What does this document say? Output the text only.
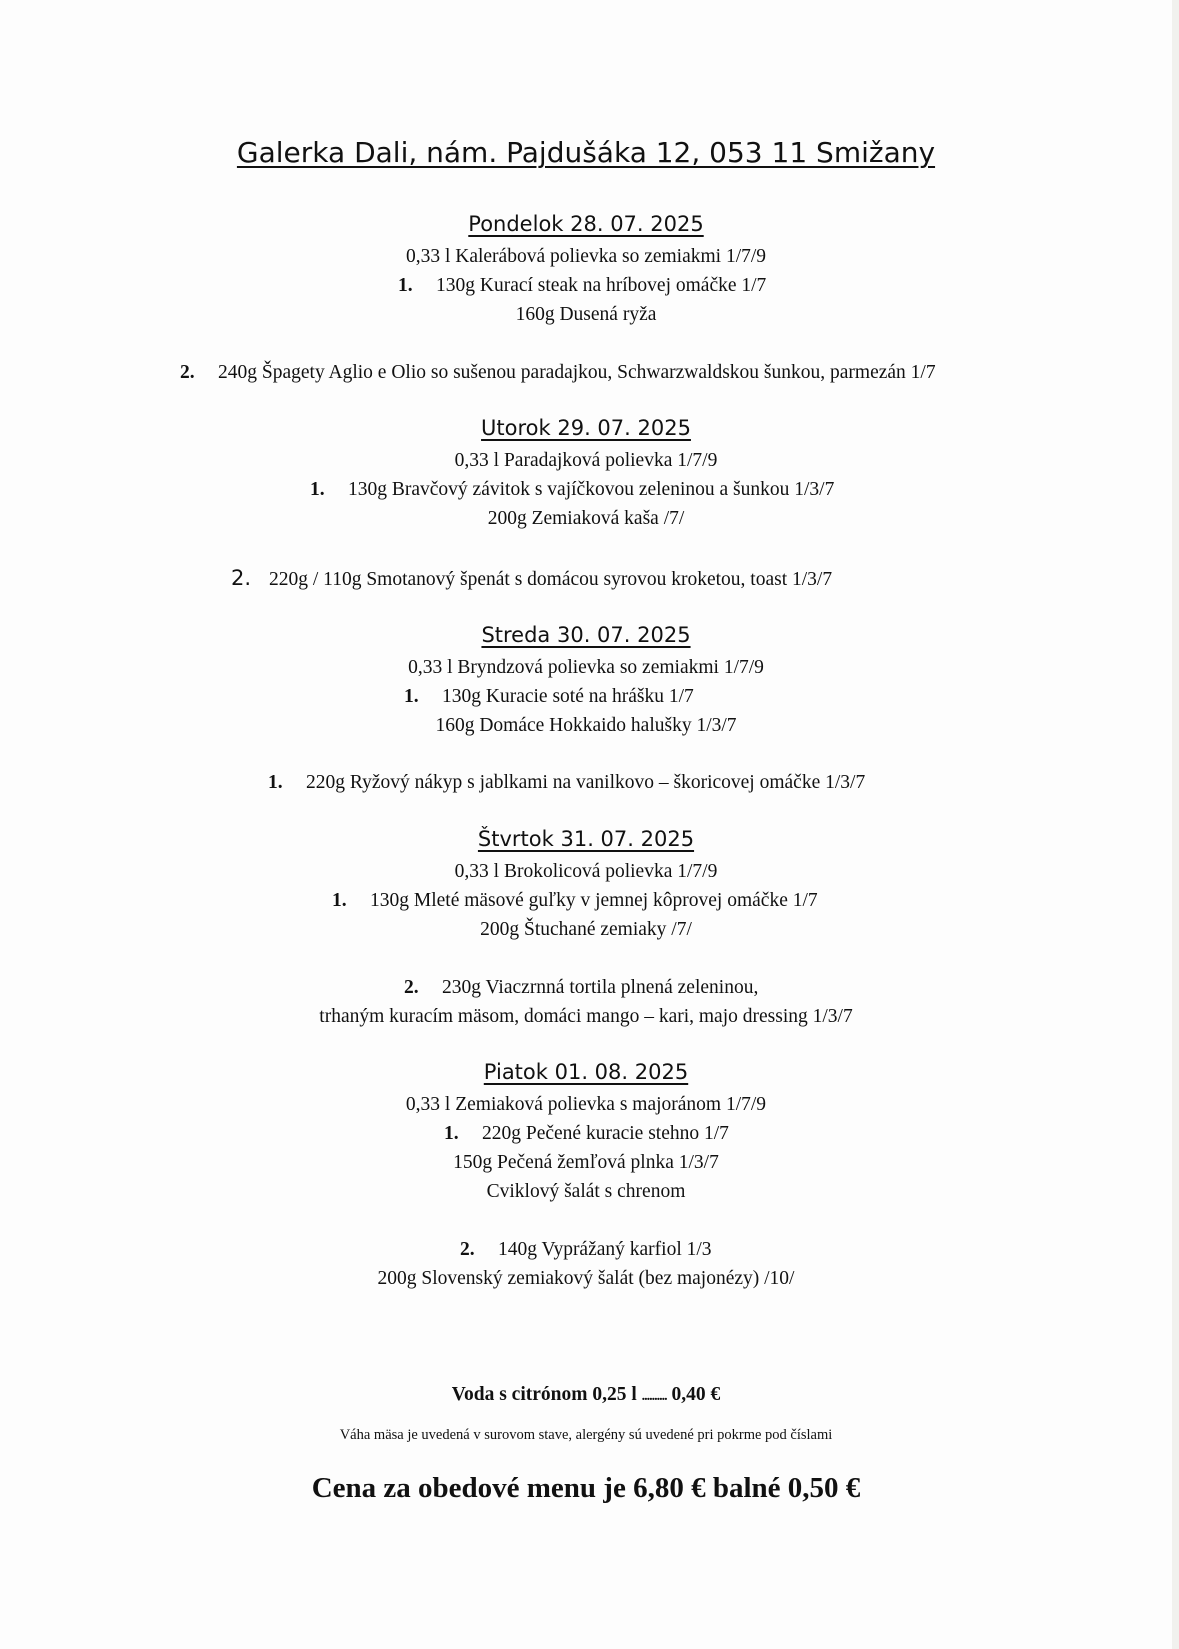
Galerka Dali, nám. Pajdušáka 12, 053 11 Smižany
Pondelok 28. 07. 2025
0,33 l Kalerábová polievka so zemiakmi 1/7/9
1. 130g Kurací steak na hríbovej omáčke 1/7
160g Dusená ryža
2. 240g Špagety Aglio e Olio so sušenou paradajkou, Schwarzwaldskou šunkou, parmezán 1/7
Utorok 29. 07. 2025
0,33 l Paradajková polievka 1/7/9
1. 130g Bravčový závitok s vajíčkovou zeleninou a šunkou 1/3/7
200g Zemiaková kaša /7/
2. 220g / 110g Smotanový špenát s domácou syrovou kroketou, toast 1/3/7
Streda 30. 07. 2025
0,33 l Bryndzová polievka so zemiakmi 1/7/9
1. 130g Kuracie soté na hrášku 1/7
160g Domáce Hokkaido halušky 1/3/7
1. 220g Ryžový nákyp s jablkami na vanilkovo – škoricovej omáčke 1/3/7
Štvrtok 31. 07. 2025
0,33 l Brokolicová polievka 1/7/9
1. 130g Mleté mäsové guľky v jemnej kôprovej omáčke 1/7
200g Štuchané zemiaky /7/
2. 230g Viaczrnná tortila plnená zeleninou,
trhaným kuracím mäsom, domáci mango – kari, majo dressing 1/3/7
Piatok 01. 08. 2025
0,33 l Zemiaková polievka s majoránom 1/7/9
1. 220g Pečené kuracie stehno 1/7
150g Pečená žemľová plnka 1/3/7
Cviklový šalát s chrenom
2. 140g Vyprážaný karfiol 1/3
200g Slovenský zemiakový šalát (bez majonézy) /10/
Voda s citrónom 0,25 l .......... 0,40 €
Váha mäsa je uvedená v surovom stave, alergény sú uvedené pri pokrme pod číslami
Cena za obedové menu je 6,80 € balné 0,50 €
